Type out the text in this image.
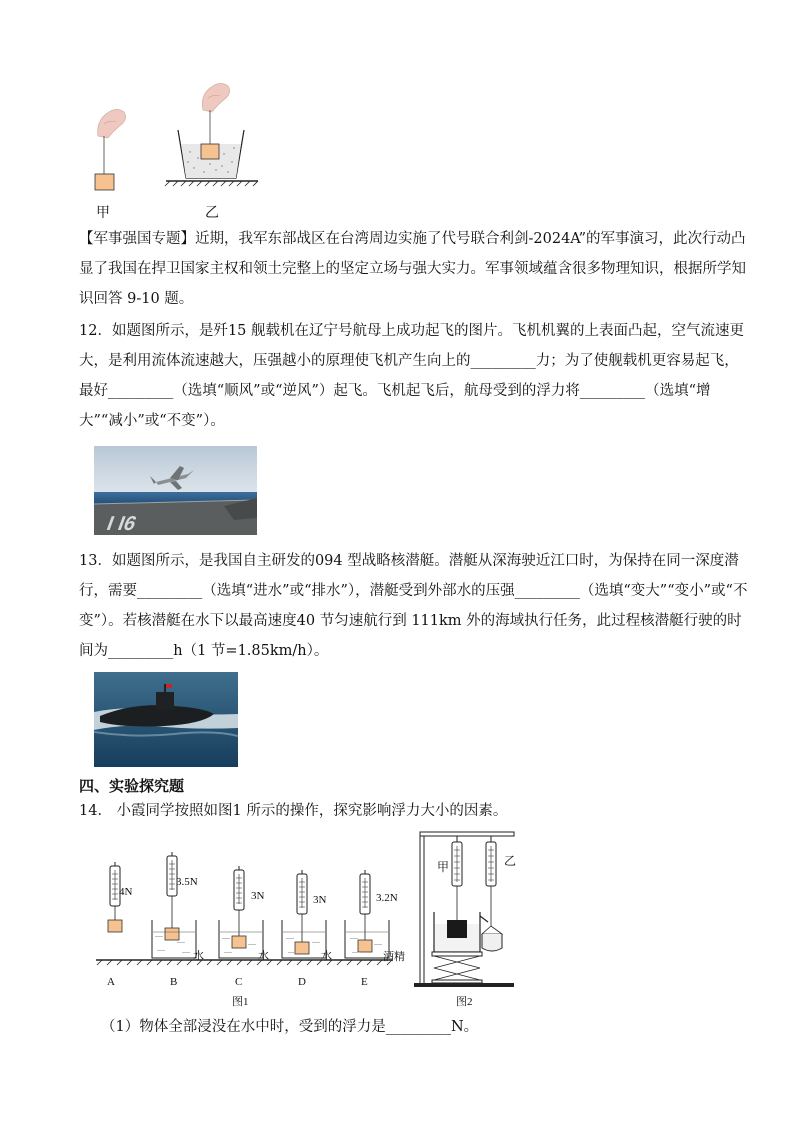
甲	乙
【军事强国专题】近期，我军东部战区在台湾周边实施了代号联合利剑-2024A”的军事演习，此次行动凸显了我国在捍卫国家主权和领土完整上的坚定立场与强大实力。军事领域蕴含很多物理知识，根据所学知识回答 9-10 题。
12．如题图所示，是歼15 舰载机在辽宁号航母上成功起飞的图片。飞机机翼的上表面凸起，空气流速更大，是利用流体流速越大，压强越小的原理使飞机产生向上的_________力；为了使舰载机更容易起飞，最好_________（选填“顺风”或“逆风”）起飞。飞机起飞后，航母受到的浮力将_________（选填“增大”“减小”或“不变”）。
I I6
13．如题图所示，是我国自主研发的094 型战略核潜艇。潜艇从深海驶近江口时，为保持在同一深度潜行，需要_________（选填“进水”或“排水”），潜艇受到外部水的压强_________（选填“变大”“变小”或“不变”）。若核潜艇在水下以最高速度40 节匀速航行到 111km 外的海域执行任务，此过程核潜艇行驶的时间为_________h（1 节=1.85km/h）。
四、实验探究题
14． 小霞同学按照如图1 所示的操作，探究影响浮力大小的因素。
4N
3.5N
3N	3N	3.2N
水	水	水	酒精
A	B	C	D	E
图1
甲	乙
图2
（1）物体全部浸没在水中时，受到的浮力是_________N。
